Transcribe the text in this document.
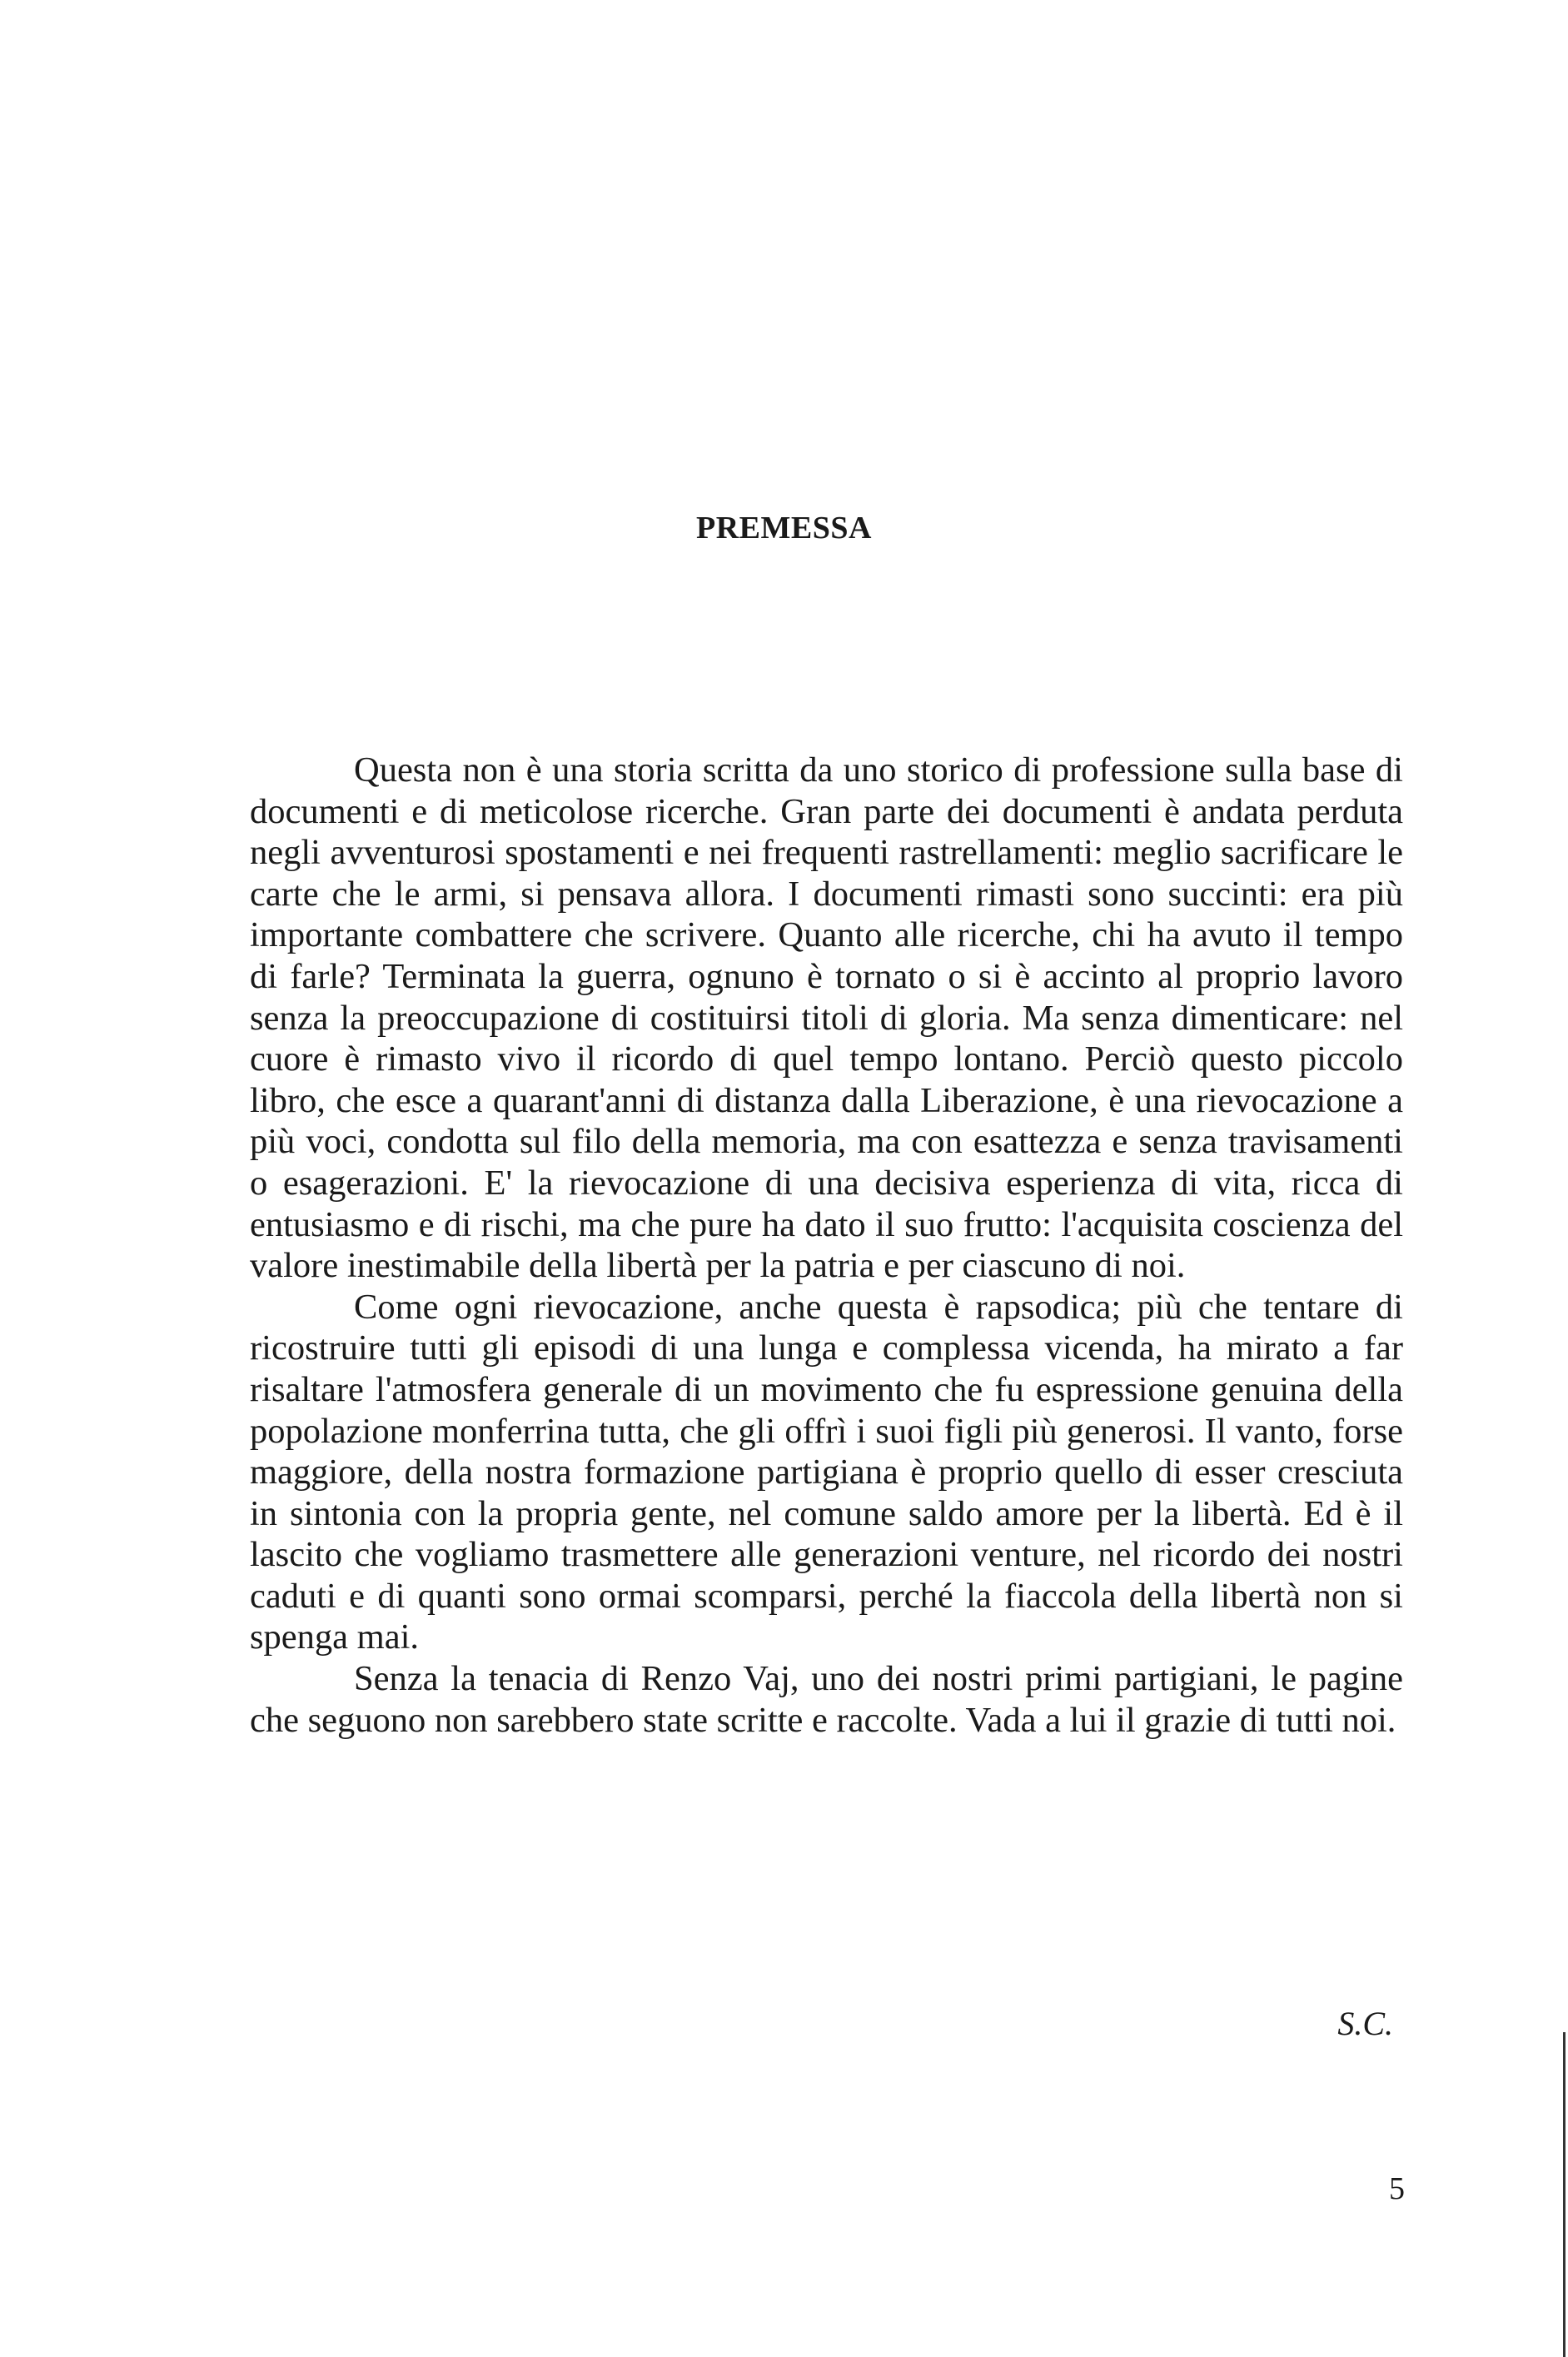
PREMESSA

Questa non è una storia scritta da uno storico di professione sulla base di documenti e di meticolose ricerche. Gran parte dei documenti è andata perduta negli avventurosi spostamenti e nei frequenti rastrellamenti: meglio sacrificare le carte che le armi, si pensava allora. I documenti rimasti sono succinti: era più importante combattere che scrivere. Quanto alle ricerche, chi ha avuto il tempo di farle? Terminata la guerra, ognuno è tornato o si è accinto al proprio lavoro senza la preoccupazione di costituirsi titoli di gloria. Ma senza dimenticare: nel cuore è rimasto vivo il ricordo di quel tempo lontano. Perciò questo piccolo libro, che esce a quarant'anni di distanza dalla Liberazione, è una rievocazione a più voci, condotta sul filo della memoria, ma con esattezza e senza travisamenti o esagerazioni. E' la rievocazione di una decisiva esperienza di vita, ricca di entusiasmo e di rischi, ma che pure ha dato il suo frutto: l'acquisita coscienza del valore inestimabile della libertà per la patria e per ciascuno di noi.

Come ogni rievocazione, anche questa è rapsodica; più che tentare di ricostruire tutti gli episodi di una lunga e complessa vicenda, ha mirato a far risaltare l'atmosfera generale di un movimento che fu espressione genuina della popolazione monferrina tutta, che gli offrì i suoi figli più generosi. Il vanto, forse maggiore, della nostra formazione partigiana è proprio quello di esser cresciuta in sintonia con la propria gente, nel comune saldo amore per la libertà. Ed è il lascito che vogliamo trasmettere alle generazioni venture, nel ricordo dei nostri caduti e di quanti sono ormai scomparsi, perché la fiaccola della libertà non si spenga mai.

Senza la tenacia di Renzo Vaj, uno dei nostri primi partigiani, le pagine che seguono non sarebbero state scritte e raccolte. Vada a lui il grazie di tutti noi.

S.C.
5
